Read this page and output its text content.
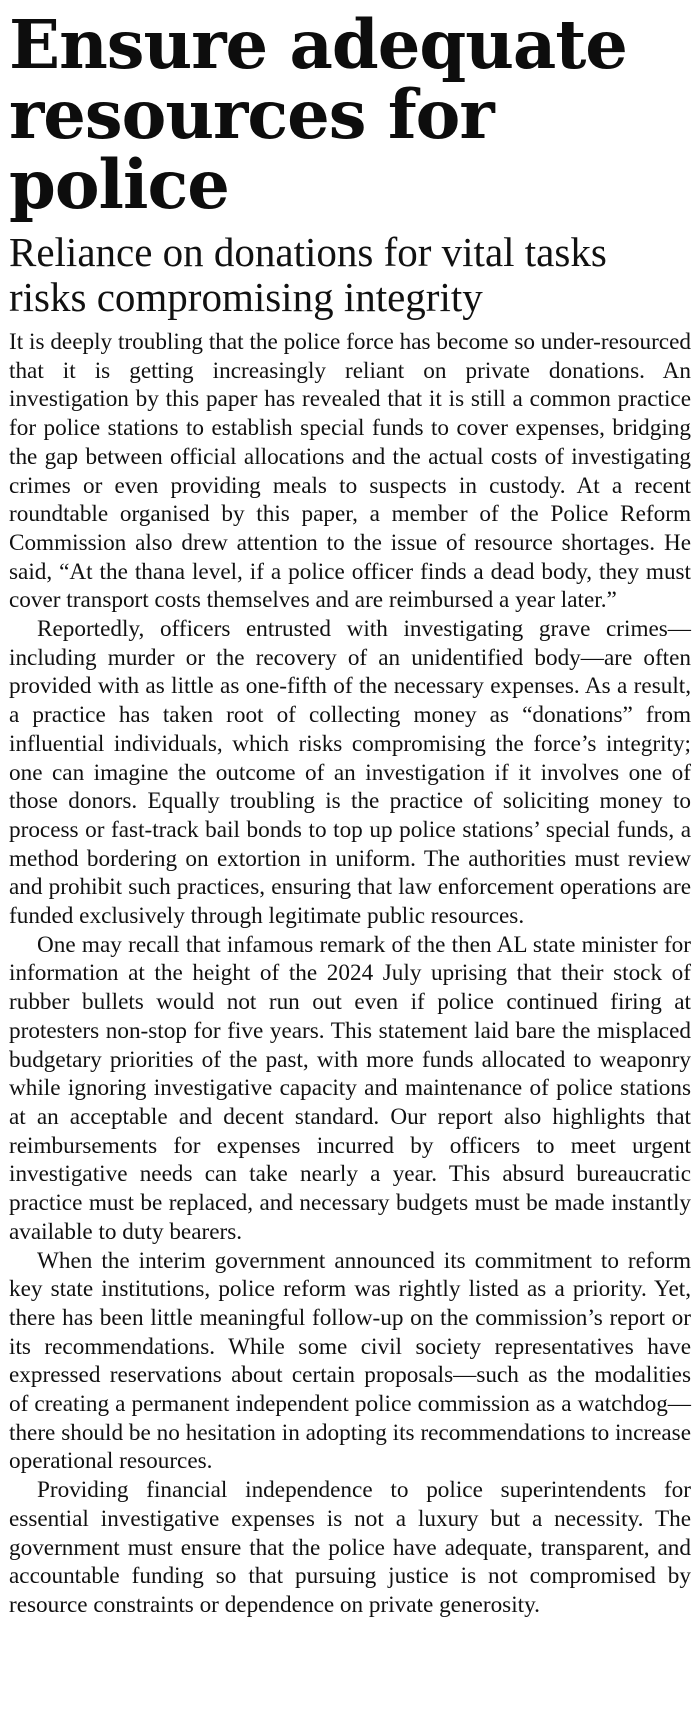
Ensure adequate resources for police
Reliance on donations for vital tasks risks compromising integrity

It is deeply troubling that the police force has become so under-resourced that it is getting increasingly reliant on private donations. An investigation by this paper has revealed that it is still a common practice for police stations to establish special funds to cover expenses, bridging the gap between official allocations and the actual costs of investigating crimes or even providing meals to suspects in custody. At a recent roundtable organised by this paper, a member of the Police Reform Commission also drew attention to the issue of resource shortages. He said, “At the thana level, if a police officer finds a dead body, they must cover transport costs themselves and are reimbursed a year later.”

Reportedly, officers entrusted with investigating grave crimes—including murder or the recovery of an unidentified body—are often provided with as little as one-fifth of the necessary expenses. As a result, a practice has taken root of collecting money as “donations” from influential individuals, which risks compromising the force’s integrity; one can imagine the outcome of an investigation if it involves one of those donors. Equally troubling is the practice of soliciting money to process or fast-track bail bonds to top up police stations’ special funds, a method bordering on extortion in uniform. The authorities must review and prohibit such practices, ensuring that law enforcement operations are funded exclusively through legitimate public resources.

One may recall that infamous remark of the then AL state minister for information at the height of the 2024 July uprising that their stock of rubber bullets would not run out even if police continued firing at protesters non-stop for five years. This statement laid bare the misplaced budgetary priorities of the past, with more funds allocated to weaponry while ignoring investigative capacity and maintenance of police stations at an acceptable and decent standard. Our report also highlights that reimbursements for expenses incurred by officers to meet urgent investigative needs can take nearly a year. This absurd bureaucratic practice must be replaced, and necessary budgets must be made instantly available to duty bearers.

When the interim government announced its commitment to reform key state institutions, police reform was rightly listed as a priority. Yet, there has been little meaningful follow-up on the commission’s report or its recommendations. While some civil society representatives have expressed reservations about certain proposals—such as the modalities of creating a permanent independent police commission as a watchdog—there should be no hesitation in adopting its recommendations to increase operational resources.

Providing financial independence to police superintendents for essential investigative expenses is not a luxury but a necessity. The government must ensure that the police have adequate, transparent, and accountable funding so that pursuing justice is not compromised by resource constraints or dependence on private generosity.
